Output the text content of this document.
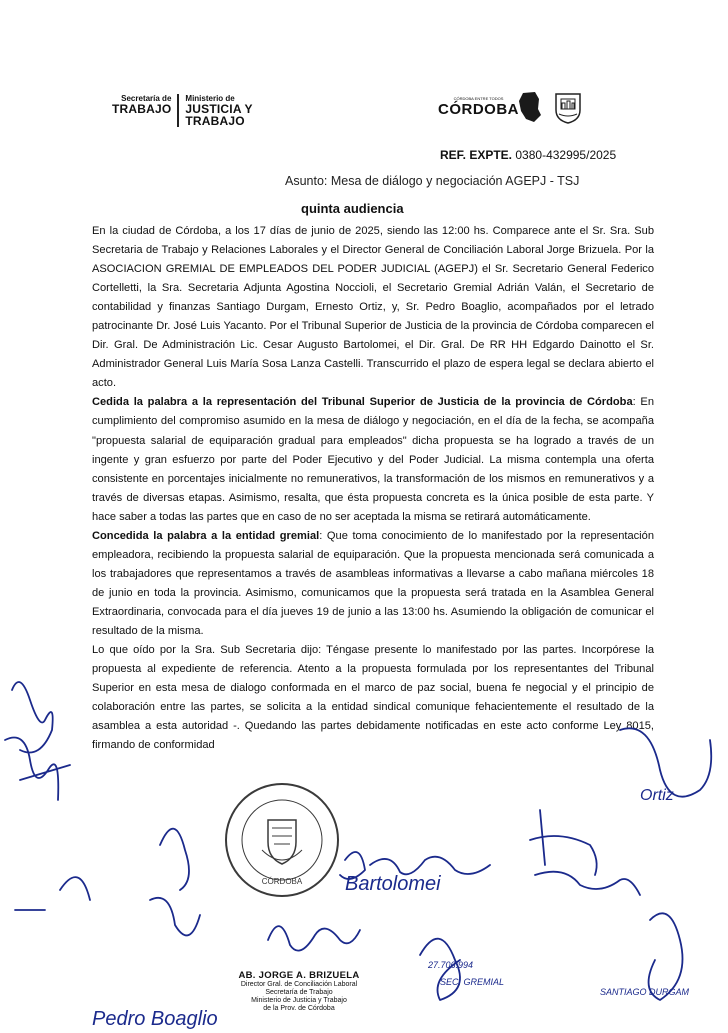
Secretaría de
TRABAJO
Ministerio de
JUSTICIA Y
TRABAJO
CÓRDOBA ENTRE TODOS
CÓRDOBA
REF. EXPTE. 0380-432995/2025
Asunto: Mesa de diálogo y negociación AGEPJ - TSJ
quinta audiencia

En la ciudad de Córdoba, a los 17 días de junio de 2025, siendo las 12:00 hs. Comparece ante el Sr. Sra. Sub Secretaria de Trabajo y Relaciones Laborales y el Director General de Conciliación Laboral Jorge Brizuela. Por la ASOCIACION GREMIAL DE EMPLEADOS DEL PODER JUDICIAL (AGEPJ) el Sr. Secretario General Federico Cortelletti, la Sra. Secretaria Adjunta Agostina Noccioli, el Secretario Gremial Adrián Valán, el Secretario de contabilidad y finanzas Santiago Durgam, Ernesto Ortiz, y, Sr. Pedro Boaglio, acompañados por el letrado patrocinante Dr. José Luis Yacanto. Por el Tribunal Superior de Justicia de la provincia de Córdoba comparecen el Dir. Gral. De Administración Lic. Cesar Augusto Bartolomei, el Dir. Gral. De RR HH Edgardo Dainotto el Sr. Administrador General Luis María Sosa Lanza Castelli. Transcurrido el plazo de espera legal se declara abierto el acto.

Cedida la palabra a la representación del Tribunal Superior de Justicia de la provincia de Córdoba: En cumplimiento del compromiso asumido en la mesa de diálogo y negociación, en el día de la fecha, se acompaña "propuesta salarial de equiparación gradual para empleados" dicha propuesta se ha logrado a través de un ingente y gran esfuerzo por parte del Poder Ejecutivo y del Poder Judicial. La misma contempla una oferta consistente en porcentajes inicialmente no remunerativos, la transformación de los mismos en remunerativos y a través de diversas etapas. Asimismo, resalta, que ésta propuesta concreta es la única posible de esta parte. Y hace saber a todas las partes que en caso de no ser aceptada la misma se retirará automáticamente.

Concedida la palabra a la entidad gremial: Que toma conocimiento de lo manifestado por la representación empleadora, recibiendo la propuesta salarial de equiparación. Que la propuesta mencionada será comunicada a los trabajadores que representamos a través de asambleas informativas a llevarse a cabo mañana miércoles 18 de junio en toda la provincia. Asimismo, comunicamos que la propuesta será tratada en la Asamblea General Extraordinaria, convocada para el día jueves 19 de junio a las 13:00 hs. Asumiendo la obligación de comunicar el resultado de la misma.

Lo que oído por la Sra. Sub Secretaria dijo: Téngase presente lo manifestado por las partes. Incorpórese la propuesta al expediente de referencia. Atento a la propuesta formulada por los representantes del Tribunal Superior en esta mesa de dialogo conformada en el marco de paz social, buena fe negocial y el principio de colaboración entre las partes, se solicita a la entidad sindical comunique fehacientemente el resultado de la asamblea a esta autoridad -. Quedando las partes debidamente notificadas en este acto conforme Ley 8015, firmando de conformidad

CÓRDOBA
Pedro Boaglio
Bartolomei
27.706.994
SEC. GREMIAL
SANTIAGO DURGAM
Ortiz
AB. JORGE A. BRIZUELA
Director Gral. de Conciliación Laboral
Secretaría de Trabajo
Ministerio de Justicia y Trabajo
de la Prov. de Córdoba
